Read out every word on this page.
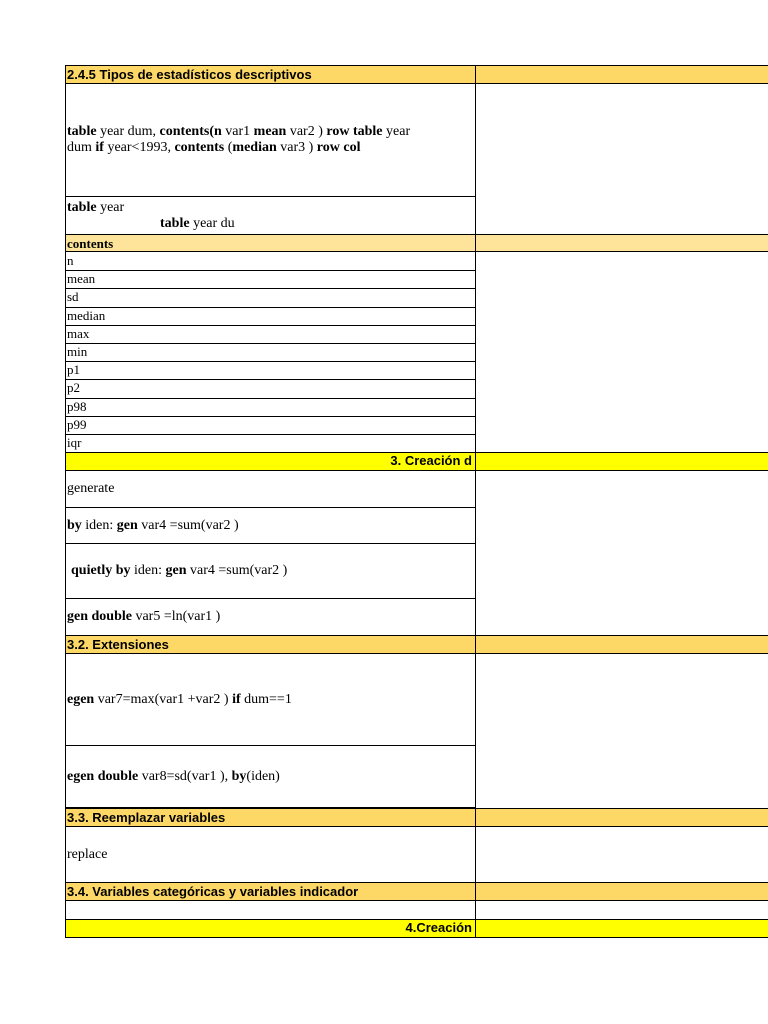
2.4.5 Tipos de estadísticos descriptivos
table year dum, contents(n var1 mean var2 ) row table year
dum if year<1993, contents (median var3 ) row col
table year
table year du
contents
n
mean
sd
median
max
min
p1
p2
p98
p99
iqr
3. Creación d
generate
by iden: gen var4 =sum(var2 )
quietly by iden: gen var4 =sum(var2 )
gen double var5 =ln(var1 )
3.2. Extensiones
egen var7=max(var1 +var2 ) if dum==1
egen double var8=sd(var1 ), by(iden)
3.3. Reemplazar variables
replace
3.4. Variables categóricas y variables indicador
4.Creación
